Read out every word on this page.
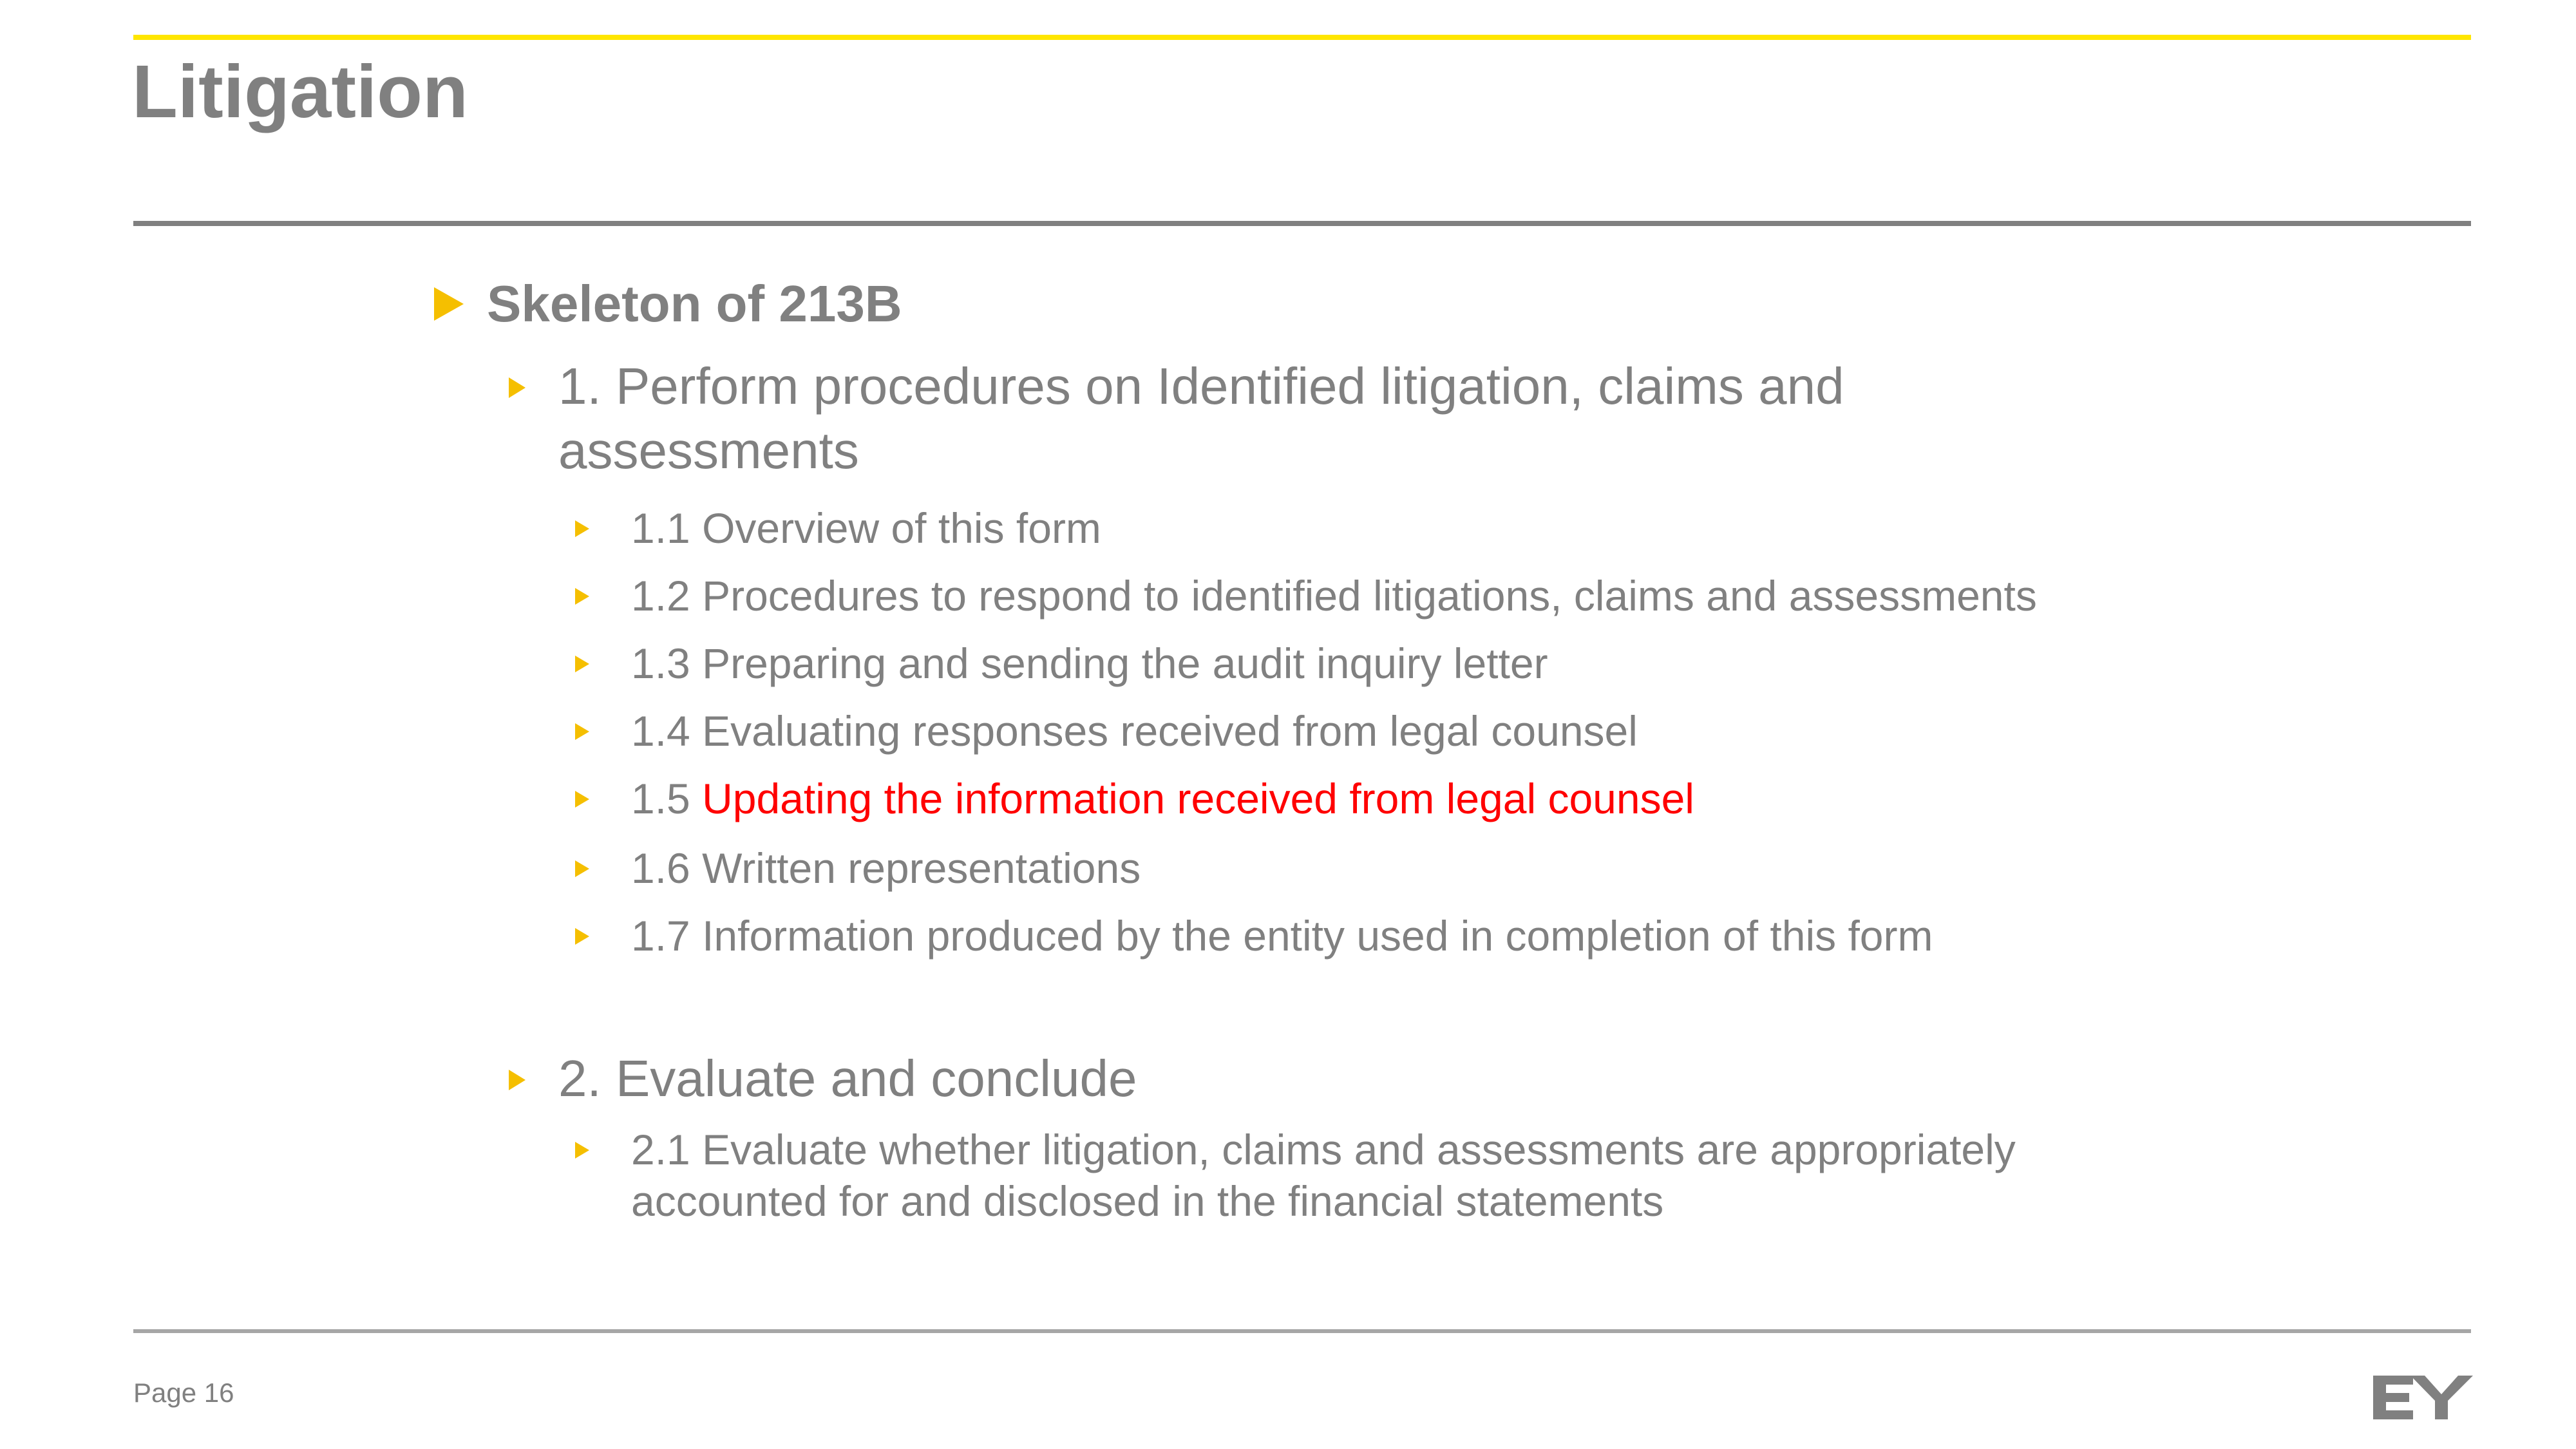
Litigation
Skeleton of 213B
1. Perform procedures on Identified litigation, claims and
assessments
1.1 Overview of this form
1.2 Procedures to respond to identified litigations, claims and assessments
1.3 Preparing and sending the audit inquiry letter
1.4 Evaluating responses received from legal counsel
1.5 Updating the information received from legal counsel
1.6 Written representations
1.7 Information produced by the entity used in completion of this form
2. Evaluate and conclude
2.1 Evaluate whether litigation, claims and assessments are appropriately
accounted for and disclosed in the financial statements
Page 16
